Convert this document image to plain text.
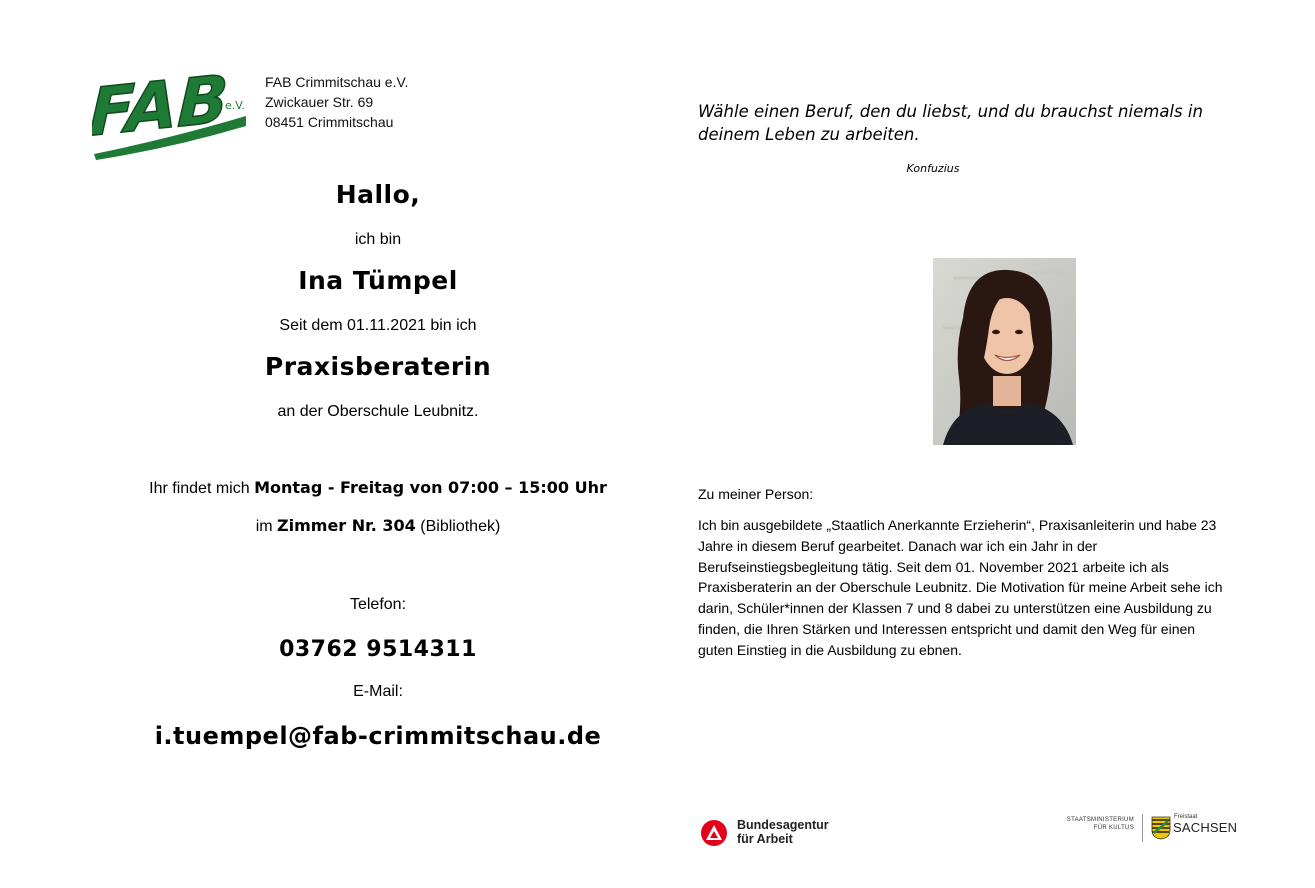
FAB
e.V.
FAB Crimmitschau e.V.
Zwickauer Str. 69
08451 Crimmitschau
Hallo,
ich bin
Ina Tümpel
Seit dem 01.11.2021 bin ich
Praxisberaterin
an der Oberschule Leubnitz.
Ihr findet mich Montag - Freitag von 07:00 – 15:00 Uhr
im Zimmer Nr. 304 (Bibliothek)
Telefon:
03762 9514311
E-Mail:
i.tuempel@fab-crimmitschau.de
Wähle einen Beruf, den du liebst, und du brauchst niemals in deinem Leben zu arbeiten.
Konfuzius
Zu meiner Person:
Ich bin ausgebildete „Staatlich Anerkannte Erzieherin“, Praxisanleiterin und habe 23 Jahre in diesem Beruf gearbeitet. Danach war ich ein Jahr in der Berufseinstiegsbegleitung tätig. Seit dem 01. November 2021 arbeite ich als Praxisberaterin an der Oberschule Leubnitz. Die Motivation für meine Arbeit sehe ich darin, Schüler*innen der Klassen 7 und 8 dabei zu unterstützen eine Ausbildung zu finden, die Ihren Stärken und Interessen entspricht und damit den Weg für einen guten Einstieg in die Ausbildung zu ebnen.
Bundesagentur
für Arbeit
STAATSMINISTERIUM
FÜR KULTUS
Freistaat
SACHSEN
